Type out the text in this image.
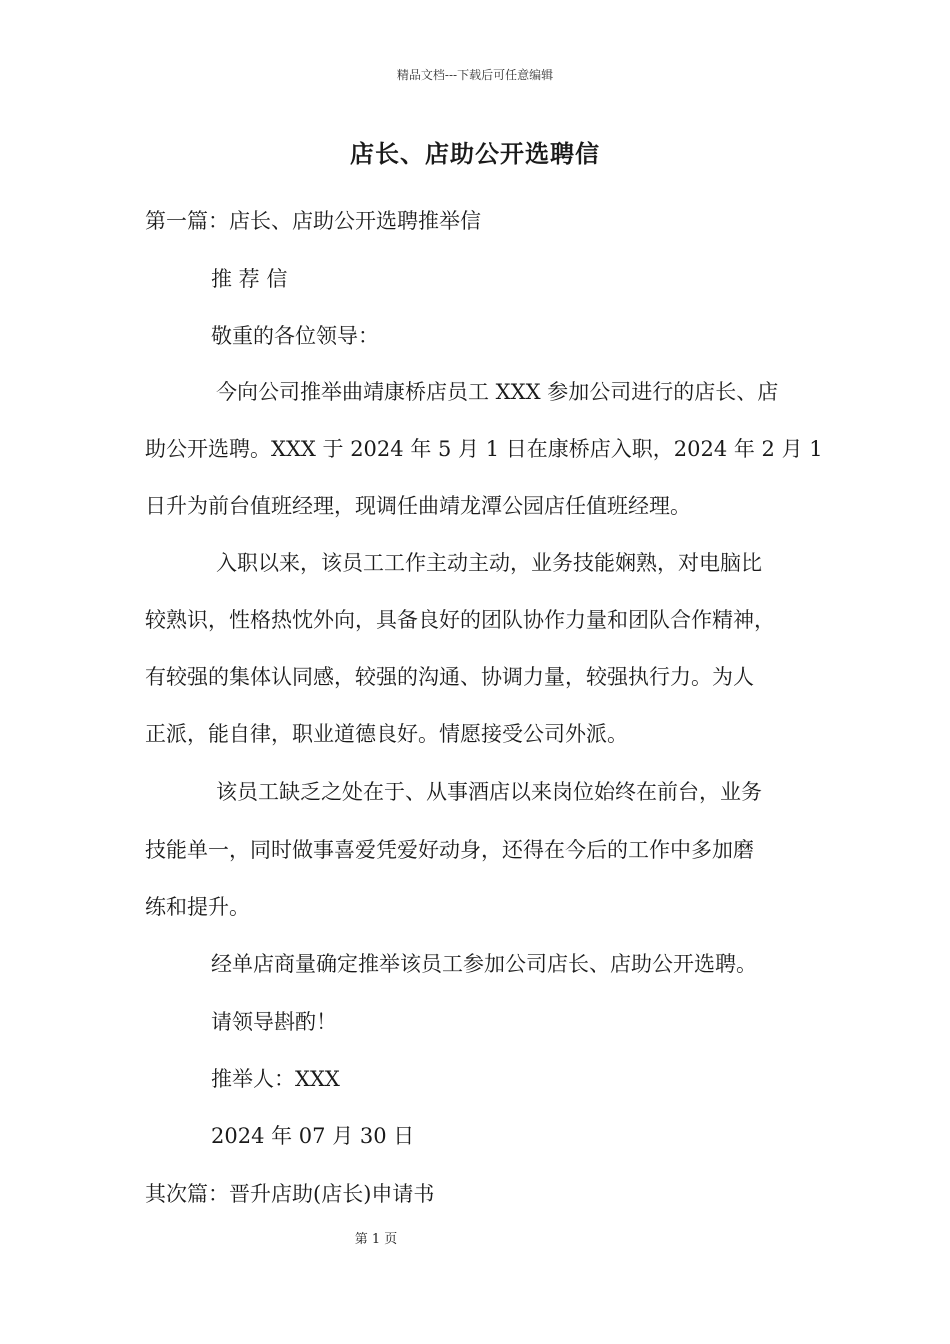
精品文档---下载后可任意编辑
店长、店助公开选聘信
第一篇：店长、店助公开选聘推举信
推 荐 信
敬重的各位领导：
今向公司推举曲靖康桥店员工 XXX 参加公司进行的店长、店
助公开选聘。XXX 于 2024 年 5 月 1 日在康桥店入职，2024 年 2 月 1
日升为前台值班经理，现调任曲靖龙潭公园店任值班经理。
入职以来，该员工工作主动主动，业务技能娴熟，对电脑比
较熟识，性格热忱外向，具备良好的团队协作力量和团队合作精神，
有较强的集体认同感，较强的沟通、协调力量，较强执行力。为人
正派，能自律，职业道德良好。情愿接受公司外派。
该员工缺乏之处在于、从事酒店以来岗位始终在前台，业务
技能单一，同时做事喜爱凭爱好动身，还得在今后的工作中多加磨
练和提升。
经单店商量确定推举该员工参加公司店长、店助公开选聘。
请领导斟酌！
推举人：XXX
2024 年 07 月 30 日
其次篇：晋升店助(店长)申请书
第 1 页
